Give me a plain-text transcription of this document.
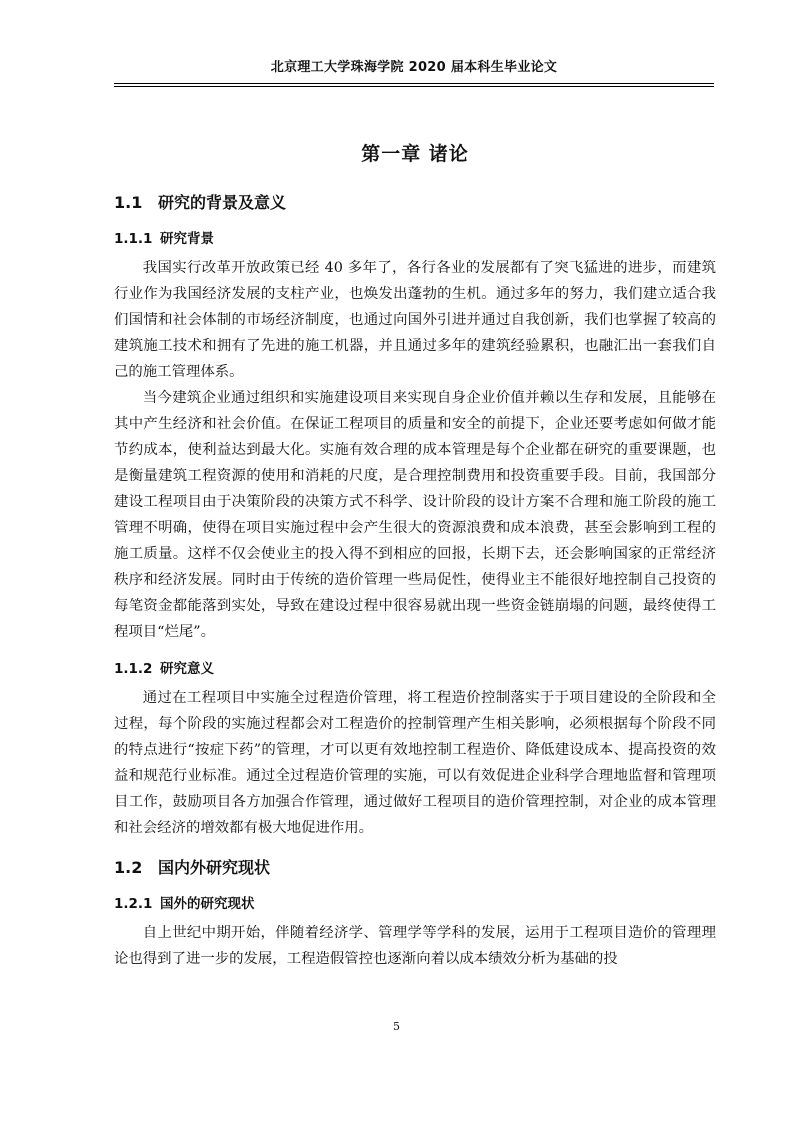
北京理工大学珠海学院 2020 届本科生毕业论文
第一章 诸论
1.1 研究的背景及意义
1.1.1 研究背景

我国实行改革开放政策已经 40 多年了，各行各业的发展都有了突飞猛进的进步，而建筑行业作为我国经济发展的支柱产业，也焕发出蓬勃的生机。通过多年的努力，我们建立适合我们国情和社会体制的市场经济制度，也通过向国外引进并通过自我创新，我们也掌握了较高的建筑施工技术和拥有了先进的施工机器，并且通过多年的建筑经验累积，也融汇出一套我们自己的施工管理体系。

当今建筑企业通过组织和实施建设项目来实现自身企业价值并赖以生存和发展，且能够在其中产生经济和社会价值。在保证工程项目的质量和安全的前提下，企业还要考虑如何做才能节约成本，使利益达到最大化。实施有效合理的成本管理是每个企业都在研究的重要课题，也是衡量建筑工程资源的使用和消耗的尺度，是合理控制费用和投资重要手段。目前，我国部分建设工程项目由于决策阶段的决策方式不科学、设计阶段的设计方案不合理和施工阶段的施工管理不明确，使得在项目实施过程中会产生很大的资源浪费和成本浪费，甚至会影响到工程的施工质量。这样不仅会使业主的投入得不到相应的回报，长期下去，还会影响国家的正常经济秩序和经济发展。同时由于传统的造价管理一些局促性，使得业主不能很好地控制自己投资的每笔资金都能落到实处，导致在建设过程中很容易就出现一些资金链崩塌的问题，最终使得工程项目“烂尾”。

1.1.2 研究意义

通过在工程项目中实施全过程造价管理，将工程造价控制落实于于项目建设的全阶段和全过程，每个阶段的实施过程都会对工程造价的控制管理产生相关影响，必须根据每个阶段不同的特点进行“按症下药”的管理，才可以更有效地控制工程造价、降低建设成本、提高投资的效益和规范行业标准。通过全过程造价管理的实施，可以有效促进企业科学合理地监督和管理项目工作，鼓励项目各方加强合作管理，通过做好工程项目的造价管理控制，对企业的成本管理和社会经济的增效都有极大地促进作用。

1.2 国内外研究现状
1.2.1 国外的研究现状

自上世纪中期开始，伴随着经济学、管理学等学科的发展，运用于工程项目造价的管理理论也得到了进一步的发展，工程造假管控也逐渐向着以成本绩效分析为基础的投

5
